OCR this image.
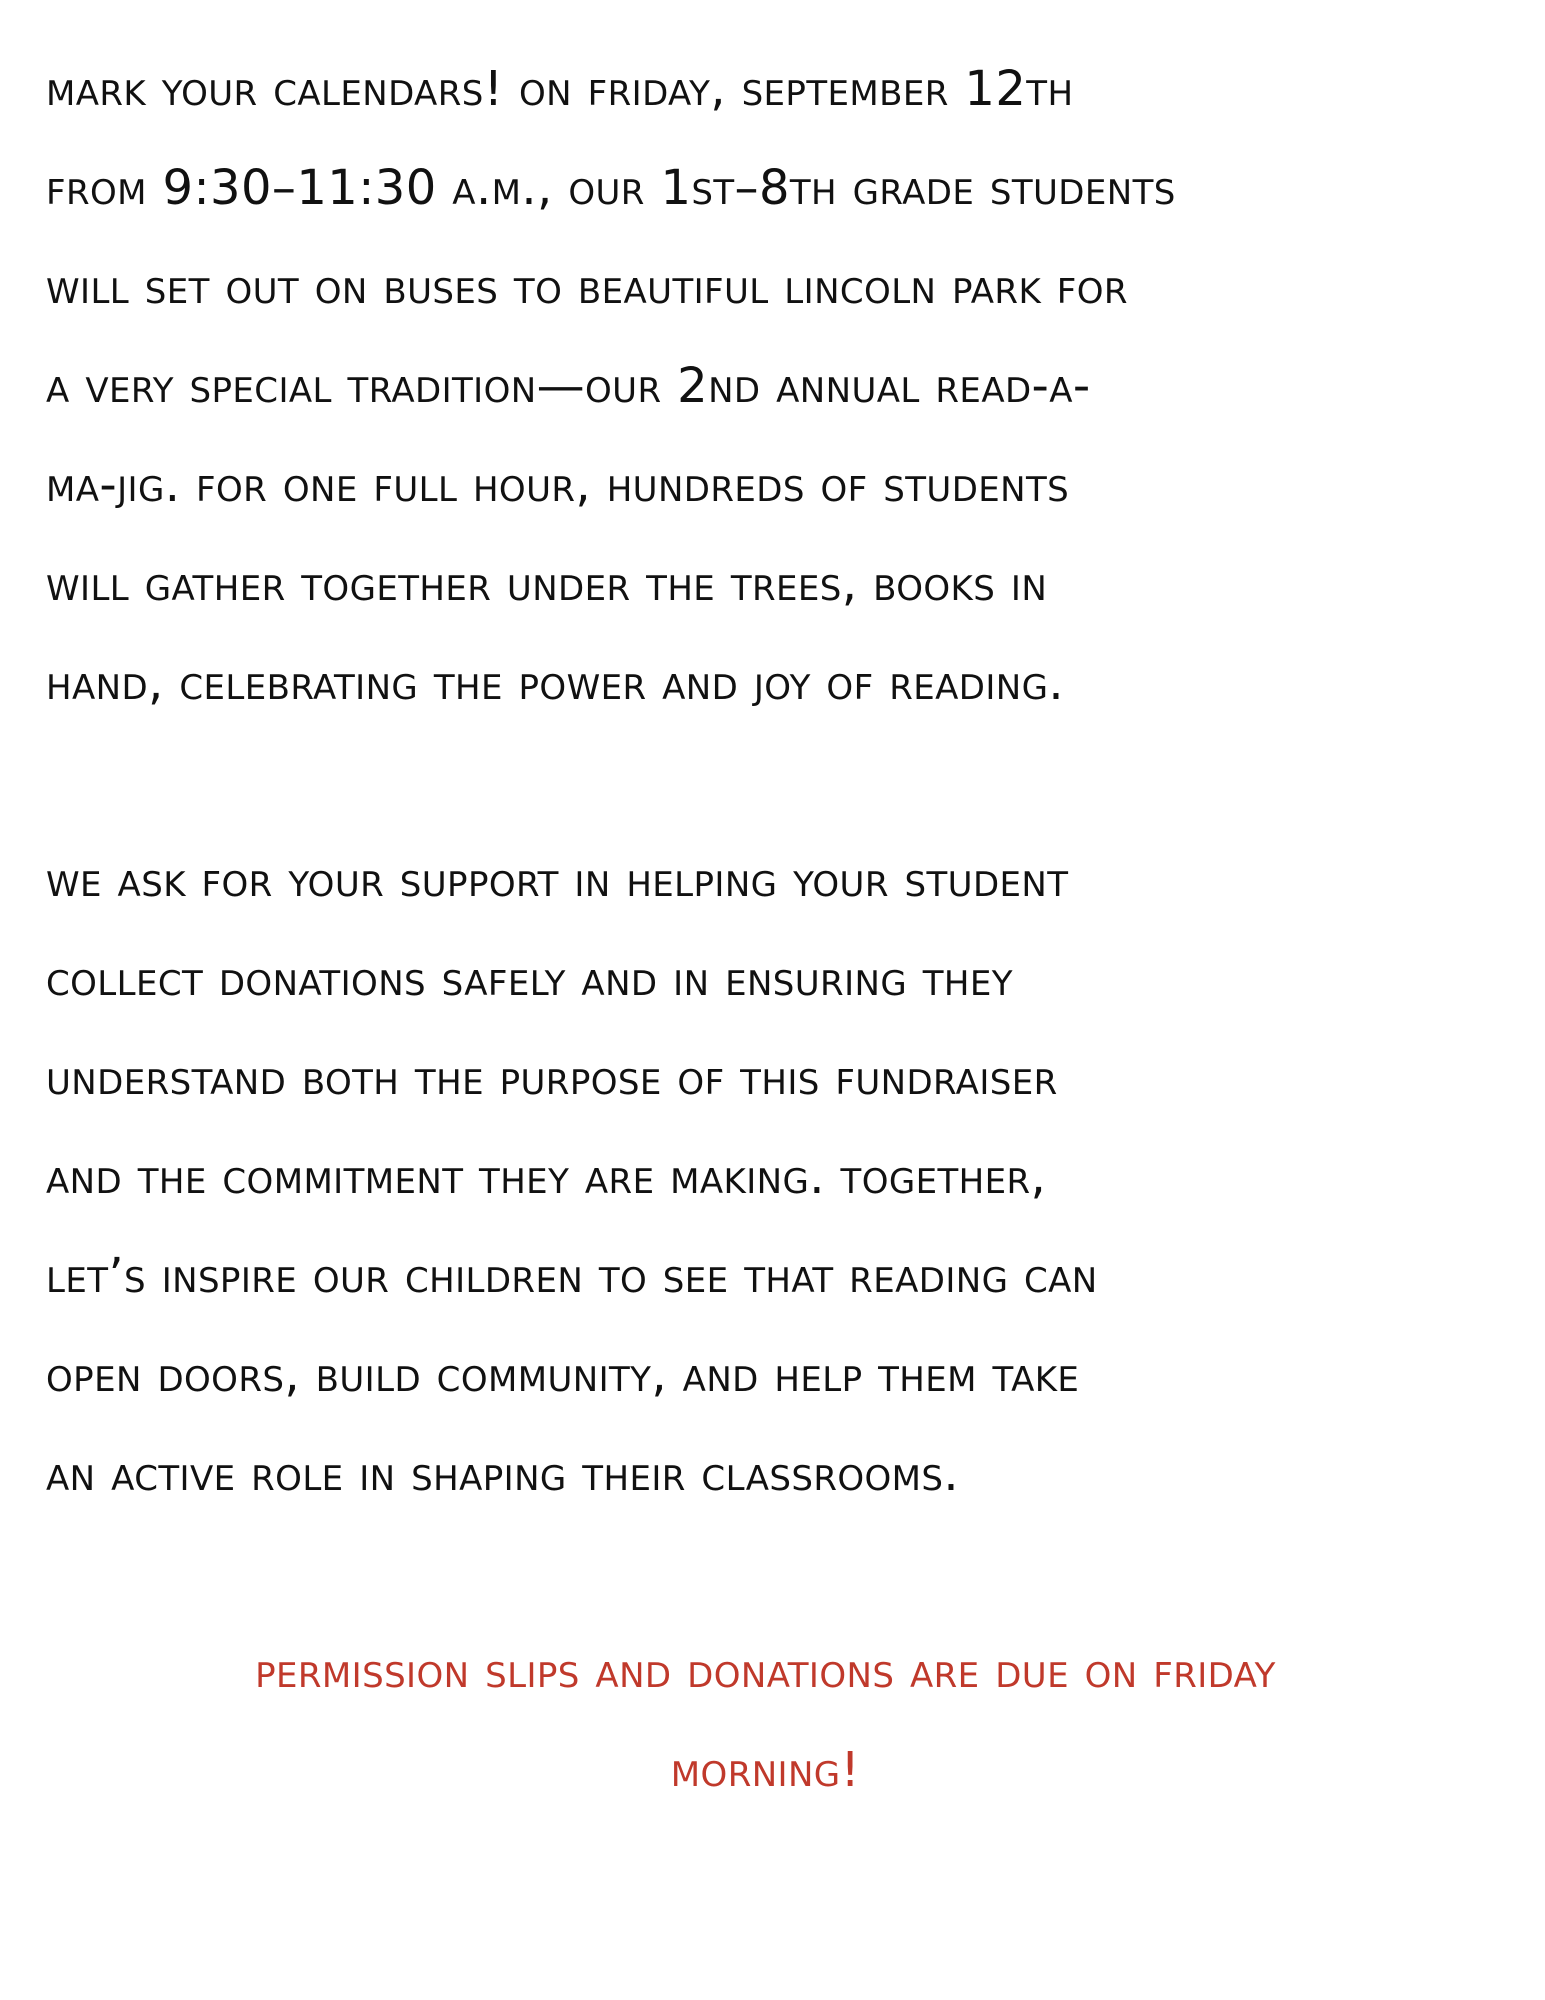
mark your calendars! on friday, september 12th
from 9:30–11:30 a.m., our 1st–8th grade students
will set out on buses to beautiful lincoln park for
a very special tradition—our 2nd annual read-a-
ma-jig. for one full hour, hundreds of students
will gather together under the trees, books in
hand, celebrating the power and joy of reading.

we ask for your support in helping your student
collect donations safely and in ensuring they
understand both the purpose of this fundraiser
and the commitment they are making. together,
let’s inspire our children to see that reading can
open doors, build community, and help them take
an active role in shaping their classrooms.

permission slips and donations are due on friday
morning!
